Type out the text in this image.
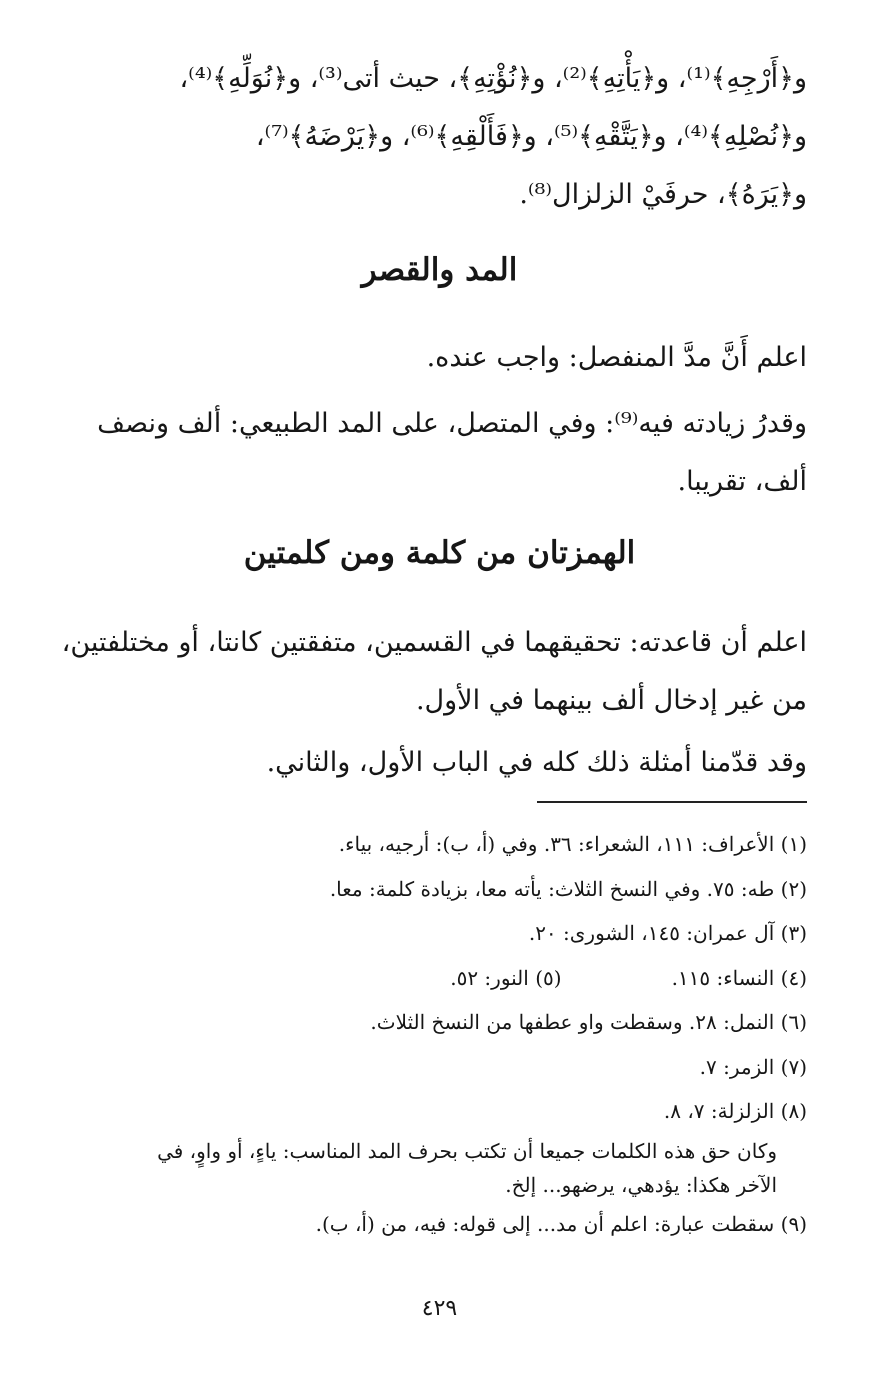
و﴿أَرْجِهِ﴾⁽¹⁾، و﴿يَأْتِهِ﴾⁽²⁾، و﴿نُؤْتِهِ﴾، حيث أتى⁽³⁾، و﴿نُوَلِّهِ﴾⁽⁴⁾،

و﴿نُصْلِهِ﴾⁽⁴⁾، و﴿يَتَّقْهِ﴾⁽⁵⁾، و﴿فَأَلْقِهِ﴾⁽⁶⁾، و﴿يَرْضَهُ﴾⁽⁷⁾،

و﴿يَرَهُ﴾، حرفَيْ الزلزال⁽⁸⁾.

المد والقصر

اعلم أَنَّ مدَّ المنفصل: واجب عنده.

وقدرُ زيادته فيه⁽⁹⁾: وفي المتصل، على المد الطبيعي: ألف ونصف

ألف، تقريبا.

الهمزتان من كلمة ومن كلمتين

اعلم أن قاعدته: تحقيقهما في القسمين، متفقتين كانتا، أو مختلفتين،

من غير إدخال ألف بينهما في الأول.

وقد قدّمنا أمثلة ذلك كله في الباب الأول، والثاني.

(١) الأعراف: ١١١، الشعراء: ٣٦. وفي (أ، ب): أرجيه، بياء.

(٢) طه: ٧٥. وفي النسخ الثلاث: يأته معا، بزيادة كلمة: معا.

(٣) آل عمران: ١٤٥، الشورى: ٢٠.

(٤) النساء: ١١٥.(٥) النور: ٥٢.

(٦) النمل: ٢٨. وسقطت واو عطفها من النسخ الثلاث.

(٧) الزمر: ٧.

(٨) الزلزلة: ٧، ٨.

وكان حق هذه الكلمات جميعا أن تكتب بحرف المد المناسب: ياءٍ، أو واوٍ، في

الآخر هكذا: يؤدهي، يرضهو... إلخ.

(٩) سقطت عبارة: اعلم أن مد... إلى قوله: فيه، من (أ، ب).

٤٢٩
